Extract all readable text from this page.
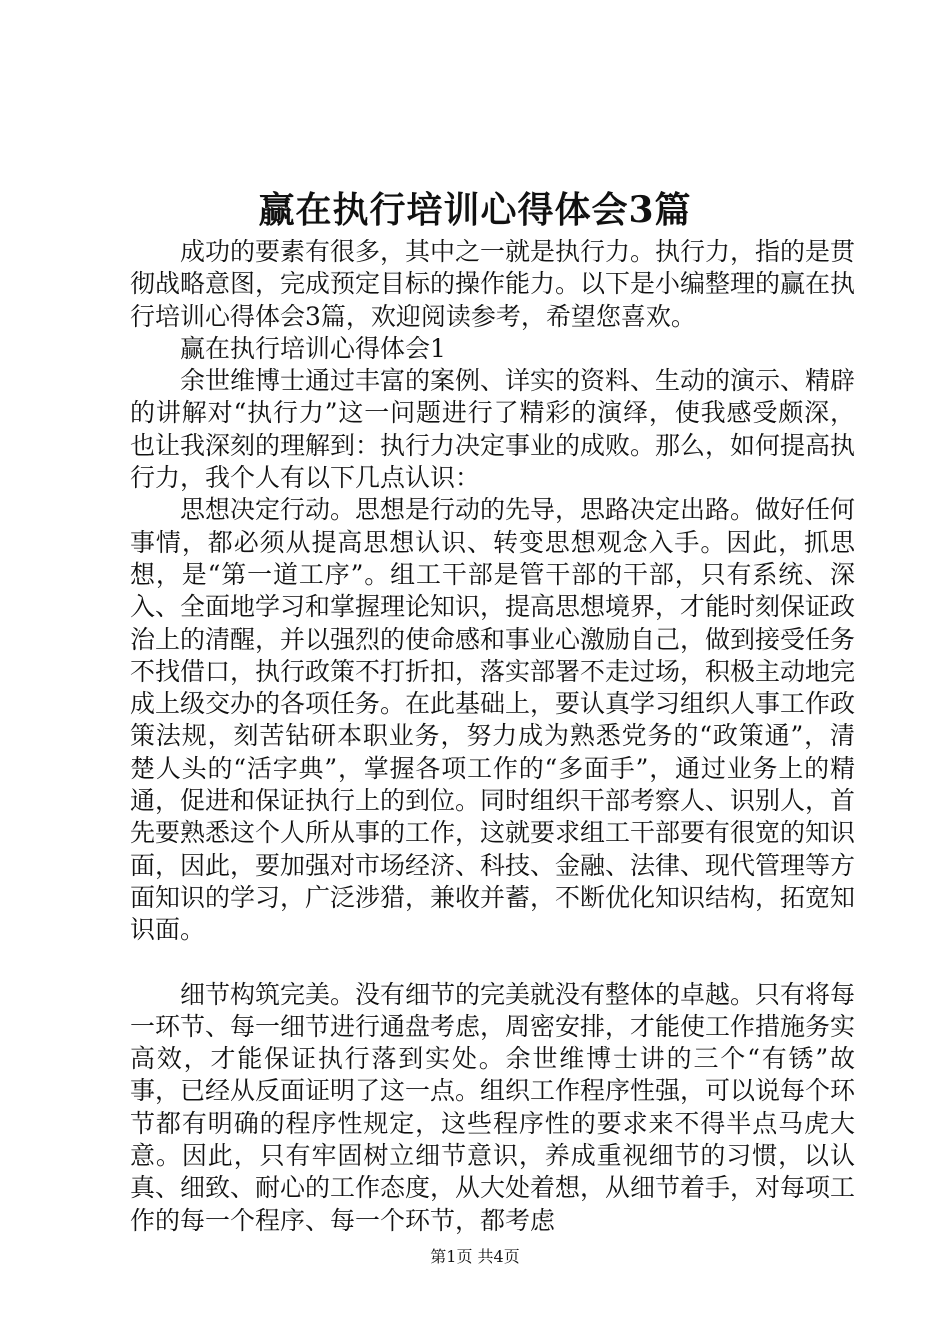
赢在执行培训心得体会3篇

成功的要素有很多，其中之一就是执行力。执行力，指的是贯彻战略意图，完成预定目标的操作能力。以下是小编整理的赢在执行培训心得体会3篇，欢迎阅读参考，希望您喜欢。

赢在执行培训心得体会1

余世维博士通过丰富的案例、详实的资料、生动的演示、精辟的讲解对“执行力”这一问题进行了精彩的演绎，使我感受颇深，也让我深刻的理解到：执行力决定事业的成败。那么，如何提高执行力，我个人有以下几点认识：

思想决定行动。思想是行动的先导，思路决定出路。做好任何事情，都必须从提高思想认识、转变思想观念入手。因此，抓思想，是“第一道工序”。组工干部是管干部的干部，只有系统、深入、全面地学习和掌握理论知识，提高思想境界，才能时刻保证政治上的清醒，并以强烈的使命感和事业心激励自己，做到接受任务不找借口，执行政策不打折扣，落实部署不走过场，积极主动地完成上级交办的各项任务。在此基础上，要认真学习组织人事工作政策法规，刻苦钻研本职业务，努力成为熟悉党务的“政策通”，清楚人头的“活字典”，掌握各项工作的“多面手”，通过业务上的精通，促进和保证执行上的到位。同时组织干部考察人、识别人，首先要熟悉这个人所从事的工作，这就要求组工干部要有很宽的知识面，因此，要加强对市场经济、科技、金融、法律、现代管理等方面知识的学习，广泛涉猎，兼收并蓄，不断优化知识结构，拓宽知识面。

细节构筑完美。没有细节的完美就没有整体的卓越。只有将每一环节、每一细节进行通盘考虑，周密安排，才能使工作措施务实高效，才能保证执行落到实处。余世维博士讲的三个“有锈”故事，已经从反面证明了这一点。组织工作程序性强，可以说每个环节都有明确的程序性规定，这些程序性的要求来不得半点马虎大意。因此，只有牢固树立细节意识，养成重视细节的习惯，以认真、细致、耐心的工作态度，从大处着想，从细节着手，对每项工作的每一个程序、每一个环节，都考虑

第1页 共4页
